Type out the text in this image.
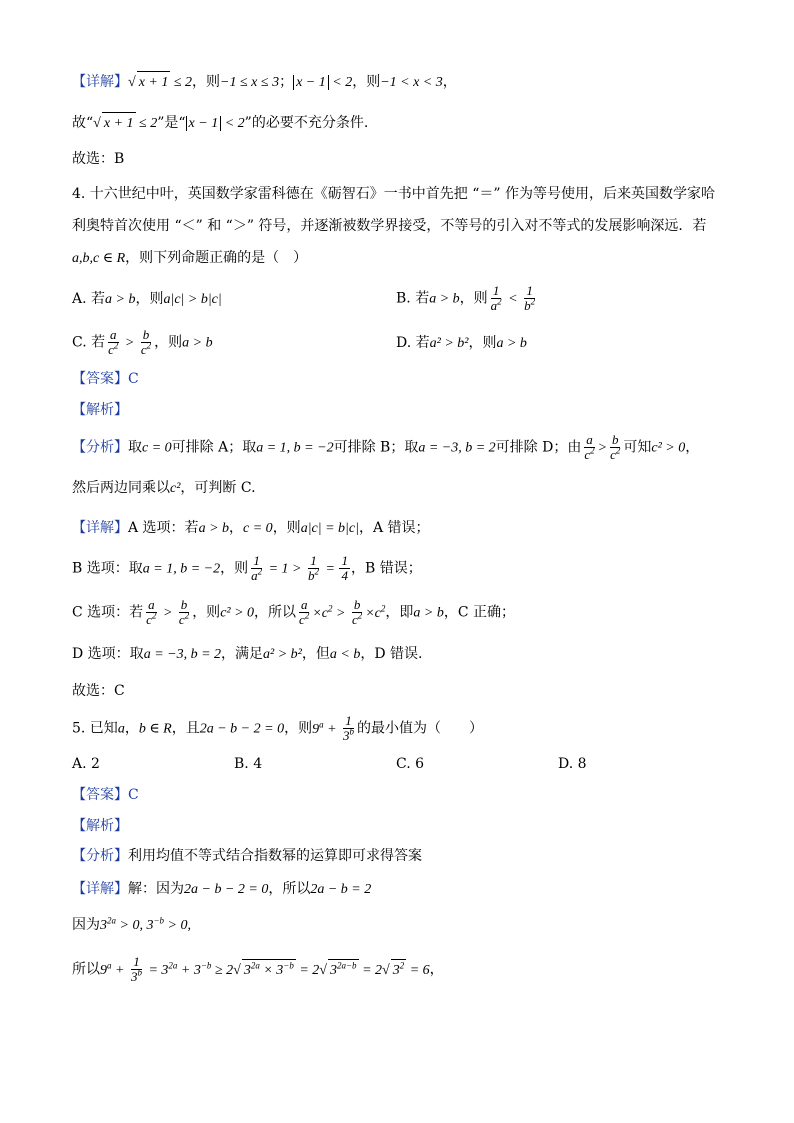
【详解】√ x + 1 ≤ 2，则−1 ≤ x ≤ 3； x − 1 < 2，则−1 < x < 3，
故“√ x + 1 ≤ 2”是“ x − 1 < 2”的必要不充分条件.
故选：B
4. 十六世纪中叶，英国数学家雷科德在《砺智石》一书中首先把 “＝” 作为等号使用，后来英国数学家哈
利奥特首次使用 “＜” 和 “＞” 符号，并逐渐被数学界接受，不等号的引入对不等式的发展影响深远．若
a,b,c ∈ R，则下列命题正确的是（　）
A. 若a > b，则a|c| > b|c|	B. 若a > b，则 $\frac{1}{a^2} < \frac{1}{b^2}$
C. 若 $\frac{a}{c^2} > \frac{b}{c^2}$ ，则a > b	D. 若a² > b²，则a > b
【答案】C
【解析】
【分析】取c = 0可排除 A；取a = 1, b = −2可排除 B；取a = −3, b = 2可排除 D；由 $\frac{a}{c^2} > \frac{b}{c^2}$ 可知c² > 0，
然后两边同乘以c²，可判断 C.
【详解】A 选项：若a > b，c = 0，则a|c| = b|c|，A 错误；
B 选项：取a = 1, b = −2，则 $\frac{1}{a^2} = 1 > \frac{1}{b^2} = \frac{1}{4}$ ，B 错误；
C 选项：若 $\frac{a}{c^2} > \frac{b}{c^2}$ ，则c² > 0，所以 $\frac{a}{c^2} \times c^2 > \frac{b}{c^2} \times c^2$，即a > b，C 正确；
D 选项：取a = −3, b = 2，满足a² > b²，但a < b，D 错误.
故选：C
5. 已知a，b ∈ R，且2a − b − 2 = 0，则$9^a + \frac{1}{3^b}$ 的最小值为（　　）
A. 2	B. 4	C. 6	D. 8
【答案】C
【解析】
【分析】利用均值不等式结合指数幂的运算即可求得答案
【详解】解：因为2a − b − 2 = 0，所以2a − b = 2
因为$3^{2a} > 0$, $3^{-b} > 0$,
所以$9^a + \frac{1}{3^b} = 3^{2a} + 3^{-b} \ge 2√$ $3^{2a} \times 3^{-b} = 2√$ $3^{2a-b} = 2√$ $3^2 = 6$，
